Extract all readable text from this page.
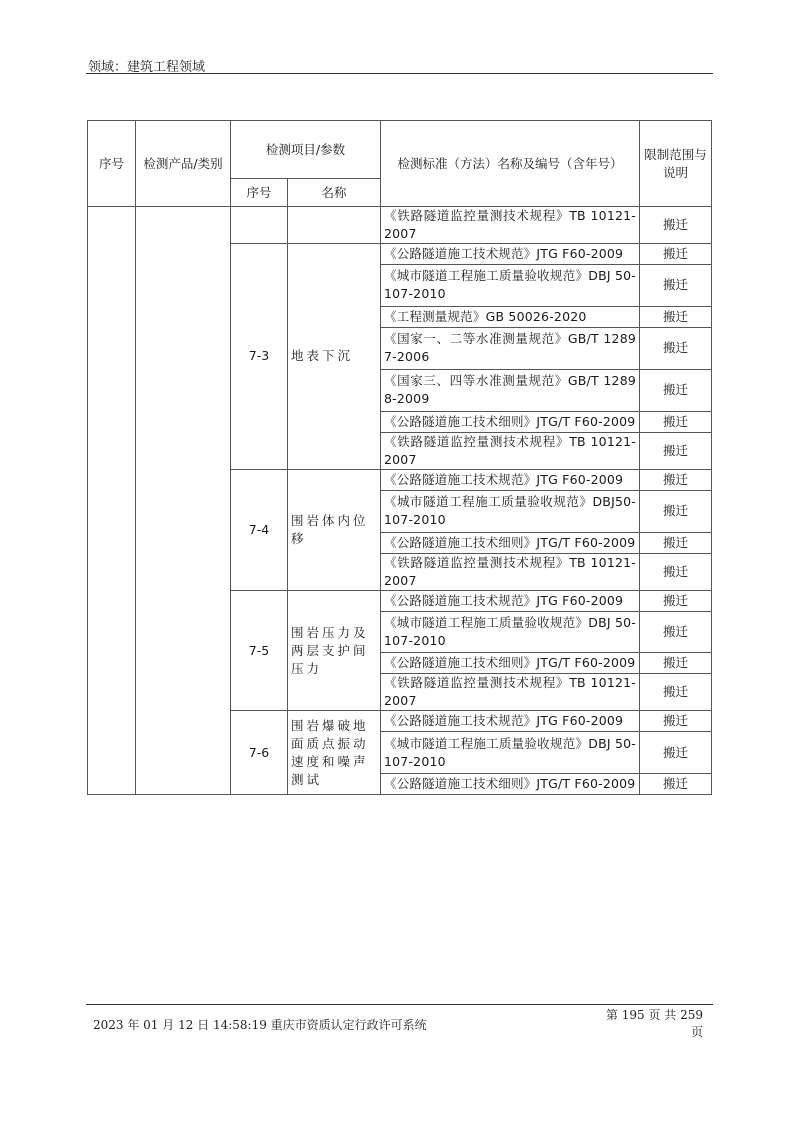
领域：建筑工程领域
序号	检测产品/类别	检测项目/参数		检测标准（方法）名称及编号（含年号）	限制范围与说明
		序号	名称		
				《铁路隧道监控量测技术规程》TB 10121-2007	搬迁
		7-3	地表下沉	《公路隧道施工技术规范》JTG F60-2009	搬迁
				《城市隧道工程施工质量验收规范》DBJ 50-107-2010	搬迁
				《工程测量规范》GB 50026-2020	搬迁
				《国家一、二等水准测量规范》GB/T 12897-2006	搬迁
				《国家三、四等水准测量规范》GB/T 12898-2009	搬迁
				《公路隧道施工技术细则》JTG/T F60-2009	搬迁
				《铁路隧道监控量测技术规程》TB 10121-2007	搬迁
		7-4	围岩体内位移	《公路隧道施工技术规范》JTG F60-2009	搬迁
				《城市隧道工程施工质量验收规范》DBJ50-107-2010	搬迁
				《公路隧道施工技术细则》JTG/T F60-2009	搬迁
				《铁路隧道监控量测技术规程》TB 10121-2007	搬迁
		7-5	围岩压力及两层支护间压力	《公路隧道施工技术规范》JTG F60-2009	搬迁
				《城市隧道工程施工质量验收规范》DBJ 50-107-2010	搬迁
				《公路隧道施工技术细则》JTG/T F60-2009	搬迁
				《铁路隧道监控量测技术规程》TB 10121-2007	搬迁
		7-6	围岩爆破地面质点振动速度和噪声测试	《公路隧道施工技术规范》JTG F60-2009	搬迁
				《城市隧道工程施工质量验收规范》DBJ 50-107-2010	搬迁
				《公路隧道施工技术细则》JTG/T F60-2009	搬迁
2023 年 01 月 12 日 14:58:19 重庆市资质认定行政许可系统
第 195 页 共 259 页
